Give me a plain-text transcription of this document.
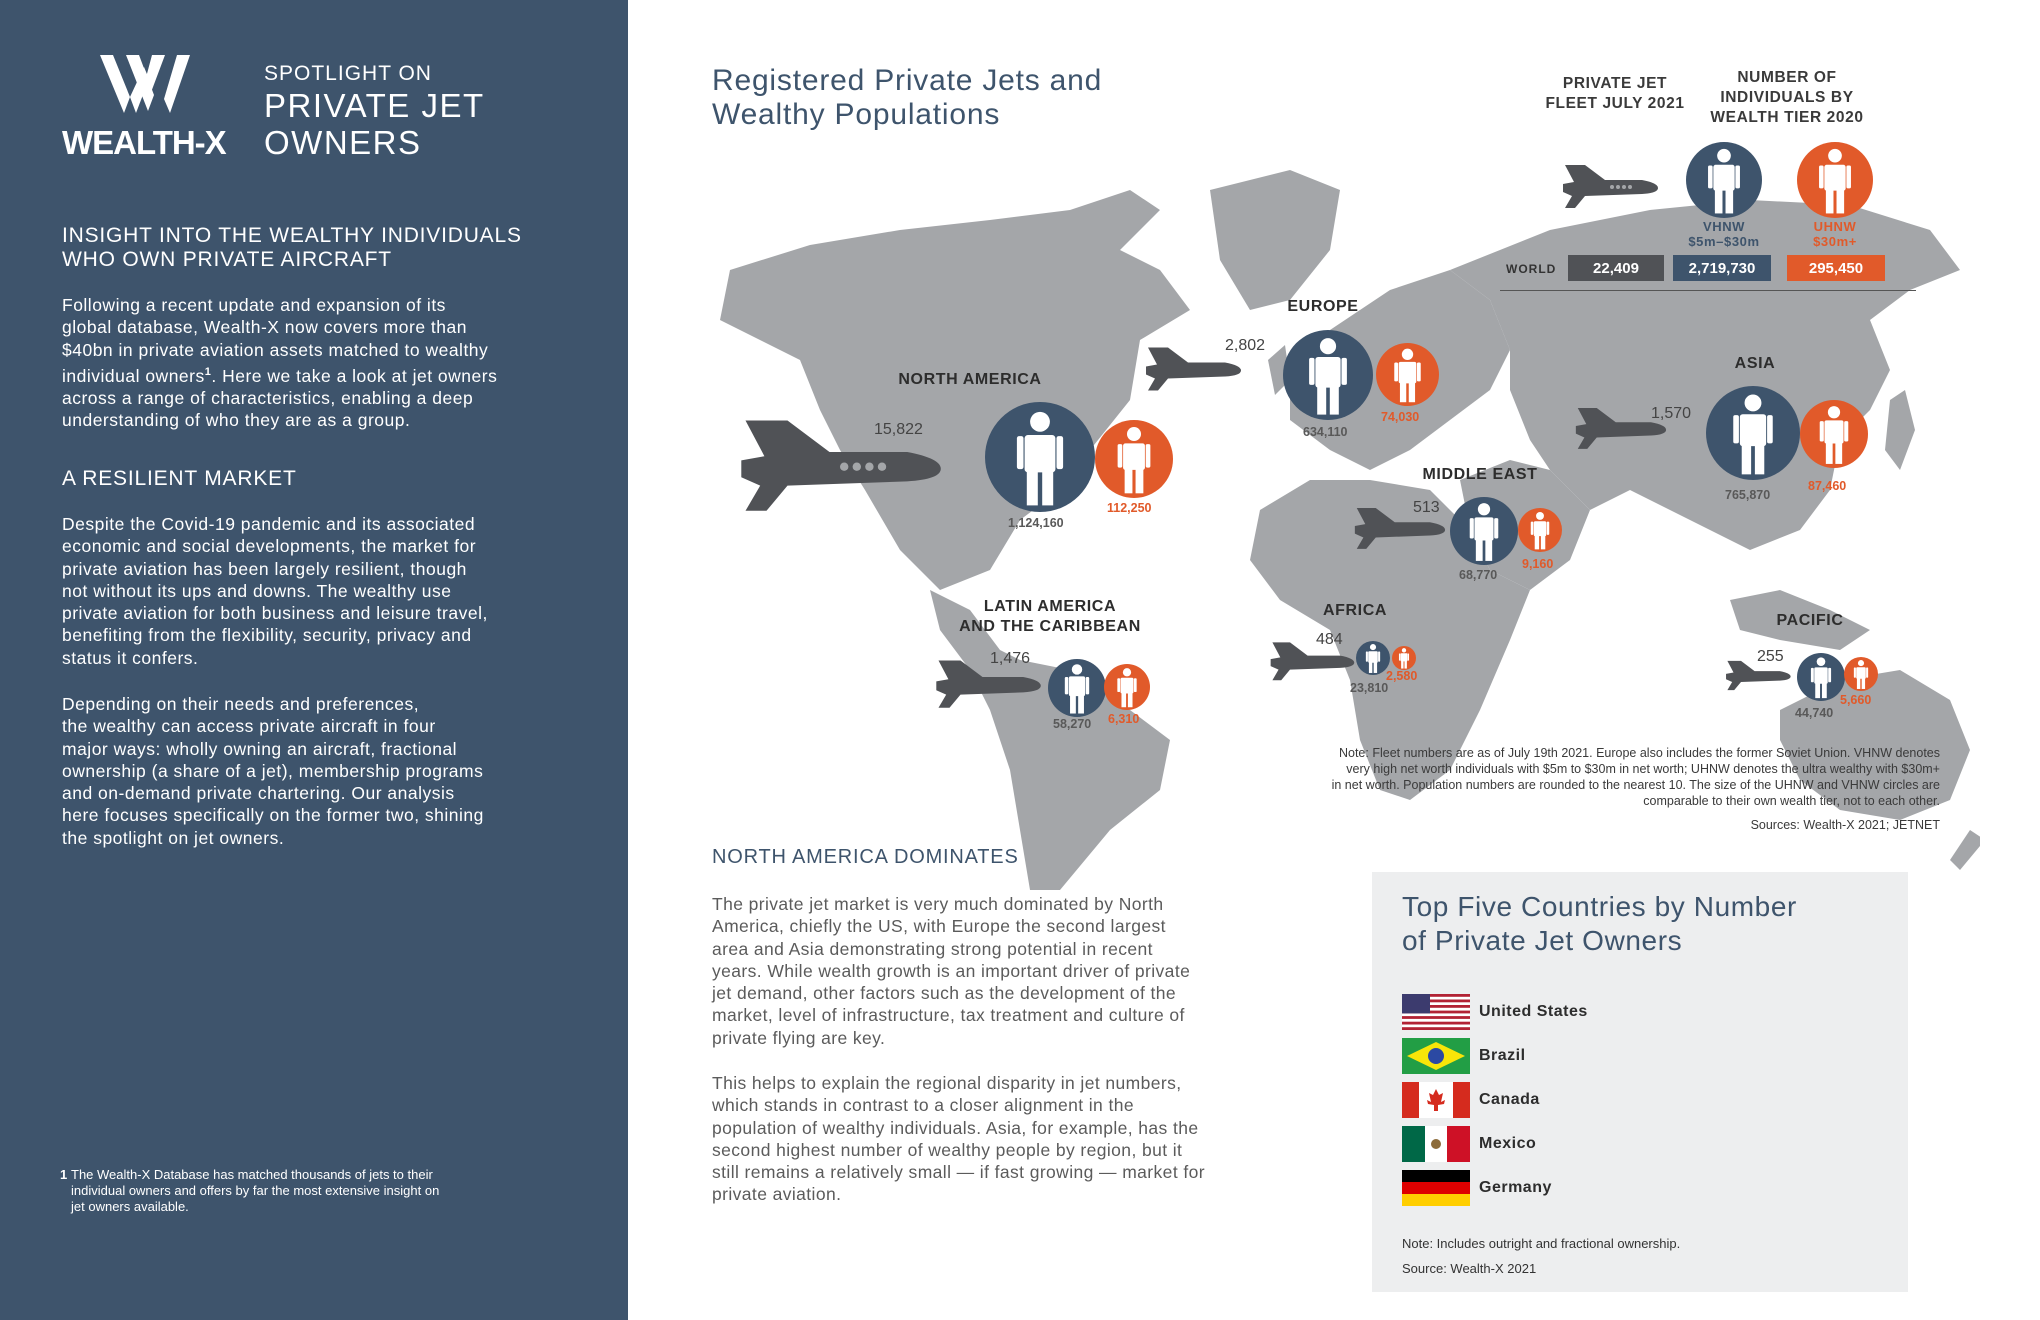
WEALTH-X
SPOTLIGHT ON
PRIVATE JET
OWNERS
INSIGHT INTO THE WEALTHY INDIVIDUALS
WHO OWN PRIVATE AIRCRAFT
Following a recent update and expansion of its
global database, Wealth-X now covers more than
$40bn in private aviation assets matched to wealthy
individual owners$^1$. Here we take a look at jet owners
across a range of characteristics, enabling a deep
understanding of who they are as a group.
A RESILIENT MARKET
Despite the Covid-19 pandemic and its associated
economic and social developments, the market for
private aviation has been largely resilient, though
not without its ups and downs. The wealthy use
private aviation for both business and leisure travel,
benefiting from the flexibility, security, privacy and
status it confers.
Depending on their needs and preferences,
the wealthy can access private aircraft in four
major ways: wholly owning an aircraft, fractional
ownership (a share of a jet), membership programs
and on-demand private chartering. Our analysis
here focuses specifically on the former two, shining
the spotlight on jet owners.
1 The Wealth-X Database has matched thousands of jets to their
individual owners and offers by far the most extensive insight on
jet owners available.
Registered Private Jets and
Wealthy Populations
PRIVATE JET
FLEET JULY 2021
NUMBER OF
INDIVIDUALS BY
WEALTH TIER 2020
VHNW
$5m–$30m
UHNW
$30m+
WORLD	22,409	2,719,730	295,450
NORTH AMERICA
15,822
1,124,160
112,250
EUROPE
2,802
634,110
74,030
ASIA
1,570
765,870
87,460
MIDDLE EAST
513
68,770
9,160
LATIN AMERICA
AND THE CARIBBEAN
1,476
58,270 6,310
AFRICA
484
23,810
2,580
PACIFIC
255
44,740
5,660
Note: Fleet numbers are as of July 19th 2021. Europe also includes the former Soviet Union. VHNW denotes
very high net worth individuals with $5m to $30m in net worth; UHNW denotes the ultra wealthy with $30m+
in net worth. Population numbers are rounded to the nearest 10. The size of the UHNW and VHNW circles are
comparable to their own wealth tier, not to each other.
Sources: Wealth-X 2021; JETNET
NORTH AMERICA DOMINATES
The private jet market is very much dominated by North
America, chiefly the US, with Europe the second largest
area and Asia demonstrating strong potential in recent
years. While wealth growth is an important driver of private
jet demand, other factors such as the development of the
market, level of infrastructure, tax treatment and culture of
private flying are key.
This helps to explain the regional disparity in jet numbers,
which stands in contrast to a closer alignment in the
population of wealthy individuals. Asia, for example, has the
second highest number of wealthy people by region, but it
still remains a relatively small — if fast growing — market for
private aviation.
Top Five Countries by Number
of Private Jet Owners
United States
Brazil
Canada
Mexico
Germany
Note: Includes outright and fractional ownership.
Source: Wealth-X 2021
